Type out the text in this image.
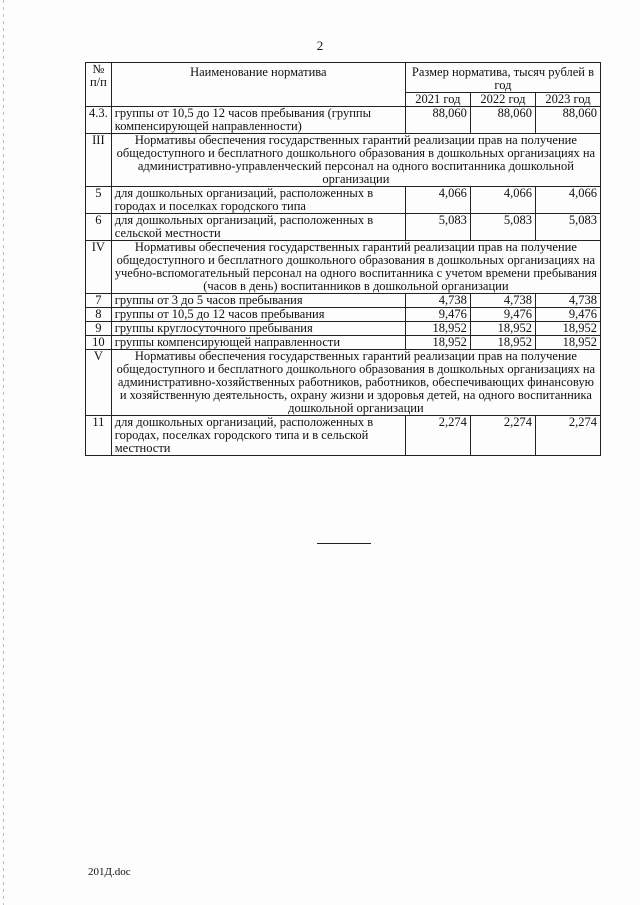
2
№ п/п	Наименование норматива	Размер норматива, тысяч рублей в год		
		2021 год	2022 год	2023 год
4.3.	группы от 10,5 до 12 часов пребывания (группы компенсирующей направленности)	88,060	88,060	88,060
III	Нормативы обеспечения государственных гарантий реализации прав на получение общедоступного и бесплатного дошкольного образования в дошкольных организациях на административно-управленческий персонал на одного воспитанника дошкольной организации			
5	для дошкольных организаций, расположенных в городах и поселках городского типа	4,066	4,066	4,066
6	для дошкольных организаций, расположенных в сельской местности	5,083	5,083	5,083
IV	Нормативы обеспечения государственных гарантий реализации прав на получение общедоступного и бесплатного дошкольного образования в дошкольных организациях на учебно-вспомогательный персонал на одного воспитанника с учетом времени пребывания (часов в день) воспитанников в дошкольной организации			
7	группы от 3 до 5 часов пребывания	4,738	4,738	4,738
8	группы от 10,5 до 12 часов пребывания	9,476	9,476	9,476
9	группы круглосуточного пребывания	18,952	18,952	18,952
10	группы компенсирующей направленности	18,952	18,952	18,952
V	Нормативы обеспечения государственных гарантий реализации прав на получение общедоступного и бесплатного дошкольного образования в дошкольных организациях на административно-хозяйственных работников, работников, обеспечивающих финансовую и хозяйственную деятельность, охрану жизни и здоровья детей, на одного воспитанника дошкольной организации			
11	для дошкольных организаций, расположенных в городах, поселках городского типа и в сельской местности	2,274	2,274	2,274
201Д.doc
